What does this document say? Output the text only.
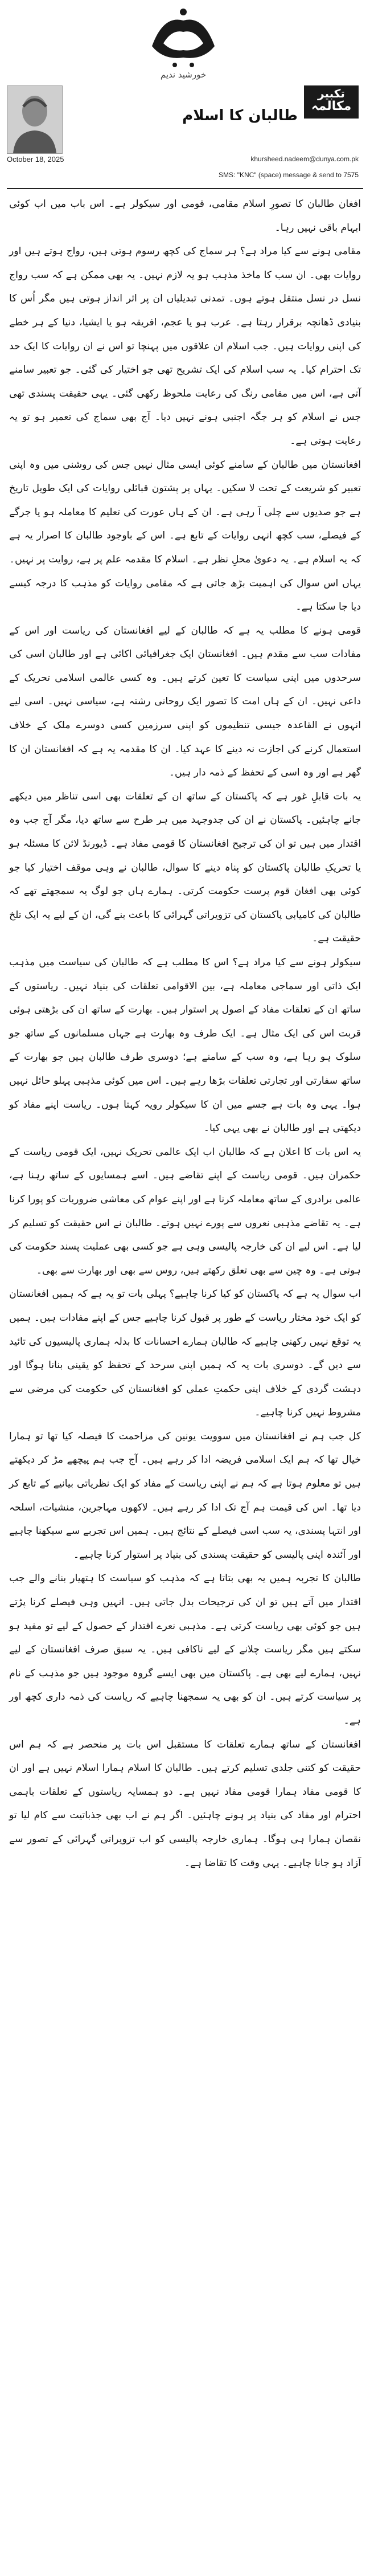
خورشید ندیم
تکبیر
مکالمہ
طالبان کا اسلام
October 18, 2025	khursheed.nadeem@dunya.com.pk
SMS: "KNC" (space) message & send to 7575

افغان طالبان کا تصورِ اسلام مقامی، قومی اور سیکولر ہے۔ اس باب میں اب کوئی ابہام باقی نہیں رہا۔

مقامی ہونے سے کیا مراد ہے؟ ہر سماج کی کچھ رسوم ہوتی ہیں، رواج ہوتے ہیں اور روایات بھی۔ ان سب کا ماخذ مذہب ہو یہ لازم نہیں۔ یہ بھی ممکن ہے کہ سب رواج نسل در نسل منتقل ہوتے ہوں۔ تمدنی تبدیلیاں ان پر اثر انداز ہوتی ہیں مگر اُس کا بنیادی ڈھانچہ برقرار رہتا ہے۔ عرب ہو یا عجم، افریقہ ہو یا ایشیا، دنیا کے ہر خطے کی اپنی روایات ہیں۔ جب اسلام ان علاقوں میں پہنچا تو اس نے ان روایات کا ایک حد تک احترام کیا۔ یہ سب اسلام کی ایک تشریح تھی جو اختیار کی گئی۔ جو تعبیر سامنے آتی ہے، اس میں مقامی رنگ کی رعایت ملحوظ رکھی گئی۔ یہی حقیقت پسندی تھی جس نے اسلام کو ہر جگہ اجنبی ہونے نہیں دیا۔ آج بھی سماج کی تعمیر ہو تو یہ رعایت ہوتی ہے۔

افغانستان میں طالبان کے سامنے کوئی ایسی مثال نہیں جس کی روشنی میں وہ اپنی تعبیر کو شریعت کے تحت لا سکیں۔ یہاں پر پشتون قبائلی روایات کی ایک طویل تاریخ ہے جو صدیوں سے چلی آ رہی ہے۔ ان کے ہاں عورت کی تعلیم کا معاملہ ہو یا جرگے کے فیصلے، سب کچھ انہی روایات کے تابع ہے۔ اس کے باوجود طالبان کا اصرار یہ ہے کہ یہ اسلام ہے۔ یہ دعویٰ محلِ نظر ہے۔ اسلام کا مقدمہ علم پر ہے، روایت پر نہیں۔ یہاں اس سوال کی اہمیت بڑھ جاتی ہے کہ مقامی روایات کو مذہب کا درجہ کیسے دیا جا سکتا ہے۔

قومی ہونے کا مطلب یہ ہے کہ طالبان کے لیے افغانستان کی ریاست اور اس کے مفادات سب سے مقدم ہیں۔ افغانستان ایک جغرافیائی اکائی ہے اور طالبان اسی کی سرحدوں میں اپنی سیاست کا تعین کرتے ہیں۔ وہ کسی عالمی اسلامی تحریک کے داعی نہیں۔ ان کے ہاں امت کا تصور ایک روحانی رشتہ ہے، سیاسی نہیں۔ اسی لیے انہوں نے القاعدہ جیسی تنظیموں کو اپنی سرزمین کسی دوسرے ملک کے خلاف استعمال کرنے کی اجازت نہ دینے کا عہد کیا۔ ان کا مقدمہ یہ ہے کہ افغانستان ان کا گھر ہے اور وہ اسی کے تحفظ کے ذمہ دار ہیں۔

یہ بات قابلِ غور ہے کہ پاکستان کے ساتھ ان کے تعلقات بھی اسی تناظر میں دیکھے جانے چاہئیں۔ پاکستان نے ان کی جدوجہد میں ہر طرح سے ساتھ دیا، مگر آج جب وہ اقتدار میں ہیں تو ان کی ترجیح افغانستان کا قومی مفاد ہے۔ ڈیورنڈ لائن کا مسئلہ ہو یا تحریکِ طالبان پاکستان کو پناہ دینے کا سوال، طالبان نے وہی موقف اختیار کیا جو کوئی بھی افغان قوم پرست حکومت کرتی۔ ہمارے ہاں جو لوگ یہ سمجھتے تھے کہ طالبان کی کامیابی پاکستان کی تزویراتی گہرائی کا باعث بنے گی، ان کے لیے یہ ایک تلخ حقیقت ہے۔

سیکولر ہونے سے کیا مراد ہے؟ اس کا مطلب ہے کہ طالبان کی سیاست میں مذہب ایک ذاتی اور سماجی معاملہ ہے، بین الاقوامی تعلقات کی بنیاد نہیں۔ ریاستوں کے ساتھ ان کے تعلقات مفاد کے اصول پر استوار ہیں۔ بھارت کے ساتھ ان کی بڑھتی ہوئی قربت اس کی ایک مثال ہے۔ ایک طرف وہ بھارت ہے جہاں مسلمانوں کے ساتھ جو سلوک ہو رہا ہے، وہ سب کے سامنے ہے؛ دوسری طرف طالبان ہیں جو بھارت کے ساتھ سفارتی اور تجارتی تعلقات بڑھا رہے ہیں۔ اس میں کوئی مذہبی پہلو حائل نہیں ہوا۔ یہی وہ بات ہے جسے میں ان کا سیکولر رویہ کہتا ہوں۔ ریاست اپنے مفاد کو دیکھتی ہے اور طالبان نے بھی یہی کیا۔

یہ اس بات کا اعلان ہے کہ طالبان اب ایک عالمی تحریک نہیں، ایک قومی ریاست کے حکمران ہیں۔ قومی ریاست کے اپنے تقاضے ہیں۔ اسے ہمسایوں کے ساتھ رہنا ہے، عالمی برادری کے ساتھ معاملہ کرنا ہے اور اپنے عوام کی معاشی ضروریات کو پورا کرنا ہے۔ یہ تقاضے مذہبی نعروں سے پورے نہیں ہوتے۔ طالبان نے اس حقیقت کو تسلیم کر لیا ہے۔ اس لیے ان کی خارجہ پالیسی وہی ہے جو کسی بھی عملیت پسند حکومت کی ہوتی ہے۔ وہ چین سے بھی تعلق رکھتے ہیں، روس سے بھی اور بھارت سے بھی۔

اب سوال یہ ہے کہ پاکستان کو کیا کرنا چاہیے؟ پہلی بات تو یہ ہے کہ ہمیں افغانستان کو ایک خود مختار ریاست کے طور پر قبول کرنا چاہیے جس کے اپنے مفادات ہیں۔ ہمیں یہ توقع نہیں رکھنی چاہیے کہ طالبان ہمارے احسانات کا بدلہ ہماری پالیسیوں کی تائید سے دیں گے۔ دوسری بات یہ کہ ہمیں اپنی سرحد کے تحفظ کو یقینی بنانا ہوگا اور دہشت گردی کے خلاف اپنی حکمتِ عملی کو افغانستان کی حکومت کی مرضی سے مشروط نہیں کرنا چاہیے۔

کل جب ہم نے افغانستان میں سوویت یونین کی مزاحمت کا فیصلہ کیا تھا تو ہمارا خیال تھا کہ ہم ایک اسلامی فریضہ ادا کر رہے ہیں۔ آج جب ہم پیچھے مڑ کر دیکھتے ہیں تو معلوم ہوتا ہے کہ ہم نے اپنی ریاست کے مفاد کو ایک نظریاتی بیانیے کے تابع کر دیا تھا۔ اس کی قیمت ہم آج تک ادا کر رہے ہیں۔ لاکھوں مہاجرین، منشیات، اسلحہ اور انتہا پسندی، یہ سب اسی فیصلے کے نتائج ہیں۔ ہمیں اس تجربے سے سیکھنا چاہیے اور آئندہ اپنی پالیسی کو حقیقت پسندی کی بنیاد پر استوار کرنا چاہیے۔

طالبان کا تجربہ ہمیں یہ بھی بتاتا ہے کہ مذہب کو سیاست کا ہتھیار بنانے والے جب اقتدار میں آتے ہیں تو ان کی ترجیحات بدل جاتی ہیں۔ انہیں وہی فیصلے کرنا پڑتے ہیں جو کوئی بھی ریاست کرتی ہے۔ مذہبی نعرے اقتدار کے حصول کے لیے تو مفید ہو سکتے ہیں مگر ریاست چلانے کے لیے ناکافی ہیں۔ یہ سبق صرف افغانستان کے لیے نہیں، ہمارے لیے بھی ہے۔ پاکستان میں بھی ایسے گروہ موجود ہیں جو مذہب کے نام پر سیاست کرتے ہیں۔ ان کو بھی یہ سمجھنا چاہیے کہ ریاست کی ذمہ داری کچھ اور ہے۔

افغانستان کے ساتھ ہمارے تعلقات کا مستقبل اس بات پر منحصر ہے کہ ہم اس حقیقت کو کتنی جلدی تسلیم کرتے ہیں۔ طالبان کا اسلام ہمارا اسلام نہیں ہے اور ان کا قومی مفاد ہمارا قومی مفاد نہیں ہے۔ دو ہمسایہ ریاستوں کے تعلقات باہمی احترام اور مفاد کی بنیاد پر ہونے چاہئیں۔ اگر ہم نے اب بھی جذباتیت سے کام لیا تو نقصان ہمارا ہی ہوگا۔ ہماری خارجہ پالیسی کو اب تزویراتی گہرائی کے تصور سے آزاد ہو جانا چاہیے۔ یہی وقت کا تقاضا ہے۔
